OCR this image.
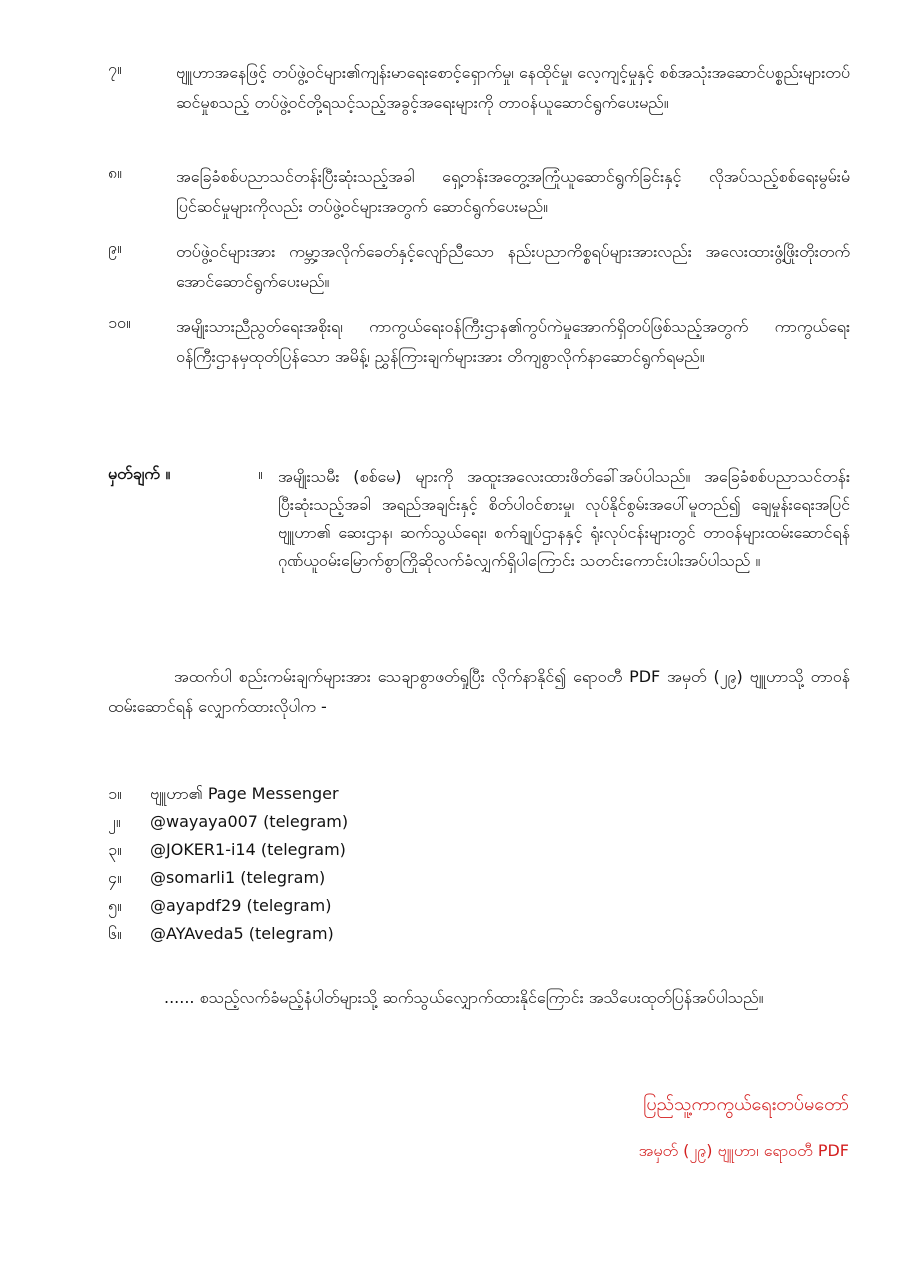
၇။	ဗျူဟာအနေဖြင့် တပ်ဖွဲ့ဝင်များ၏ကျန်းမာရေးစောင့်ရှောက်မှု၊ နေထိုင်မှု၊ လေ့ကျင့်မှုနှင့် စစ်အသုံးအဆောင်ပစ္စည်းများတပ်ဆင်မှုစသည့် တပ်ဖွဲ့ဝင်တို့ရသင့်သည့်အခွင့်အရေးများကို တာဝန်ယူဆောင်ရွက်ပေးမည်။
၈။	အခြေခံစစ်ပညာသင်တန်းပြီးဆုံးသည့်အခါ ရှေ့တန်းအတွေ့အကြုံယူဆောင်ရွက်ခြင်းနှင့် လိုအပ်သည့်စစ်ရေးမွမ်းမံပြင်ဆင်မှုများကိုလည်း တပ်ဖွဲ့ဝင်များအတွက် ဆောင်ရွက်ပေးမည်။
၉။	တပ်ဖွဲ့ဝင်များအား ကမ္ဘာ့အလိုက်ခေတ်နှင့်လျော်ညီသော နည်းပညာကိစ္စရပ်များအားလည်း အလေးထားဖွံ့ဖြိုးတိုးတက်အောင်ဆောင်ရွက်ပေးမည်။
၁၀။	အမျိုးသားညီညွတ်ရေးအစိုးရ၊ ကာကွယ်ရေးဝန်ကြီးဌာန၏ကွပ်ကဲမှုအောက်ရှိတပ်ဖြစ်သည့်အတွက် ကာကွယ်ရေးဝန်ကြီးဌာနမှထုတ်ပြန်သော အမိန့်၊ ညွှန်ကြားချက်များအား တိကျစွာလိုက်နာဆောင်ရွက်ရမည်။
မှတ်ချက် ။	။ အမျိုးသမီး (စစ်မေ) များကို အထူးအလေးထားဖိတ်ခေါ်အပ်ပါသည်။ အခြေခံစစ်ပညာသင်တန်းပြီးဆုံးသည့်အခါ အရည်အချင်းနှင့် စိတ်ပါဝင်စားမှု၊ လုပ်နိုင်စွမ်းအပေါ်မူတည်၍ ချေမှုန်းရေးအပြင် ဗျူဟာ၏ ဆေးဌာန၊ ဆက်သွယ်ရေး၊ စက်ချုပ်ဌာနနှင့် ရုံးလုပ်ငန်းများတွင် တာဝန်များထမ်းဆောင်ရန် ဂုဏ်ယူဝမ်းမြောက်စွာကြိုဆိုလက်ခံလျှက်ရှိပါကြောင်း သတင်းကောင်းပါးအပ်ပါသည် ။
အထက်ပါ စည်းကမ်းချက်များအား သေချာစွာဖတ်ရှုပြီး လိုက်နာနိုင်၍ ရောဝတီ PDF အမှတ် (၂၉) ဗျူဟာသို့ တာဝန်ထမ်းဆောင်ရန် လျှောက်ထားလိုပါက -
၁။	ဗျူဟာ၏ Page Messenger
၂။	@wayaya007 (telegram)
၃။	@JOKER1-i14 (telegram)
၄။	@somarli1 (telegram)
၅။	@ayapdf29 (telegram)
၆။	@AYAveda5 (telegram)
...... စသည့်လက်ခံမည့်နံပါတ်များသို့ ဆက်သွယ်လျှောက်ထားနိုင်ကြောင်း အသိပေးထုတ်ပြန်အပ်ပါသည်။
ပြည်သူ့ကာကွယ်ရေးတပ်မတော်
အမှတ် (၂၉) ဗျူဟာ၊ ရောဝတီ PDF
